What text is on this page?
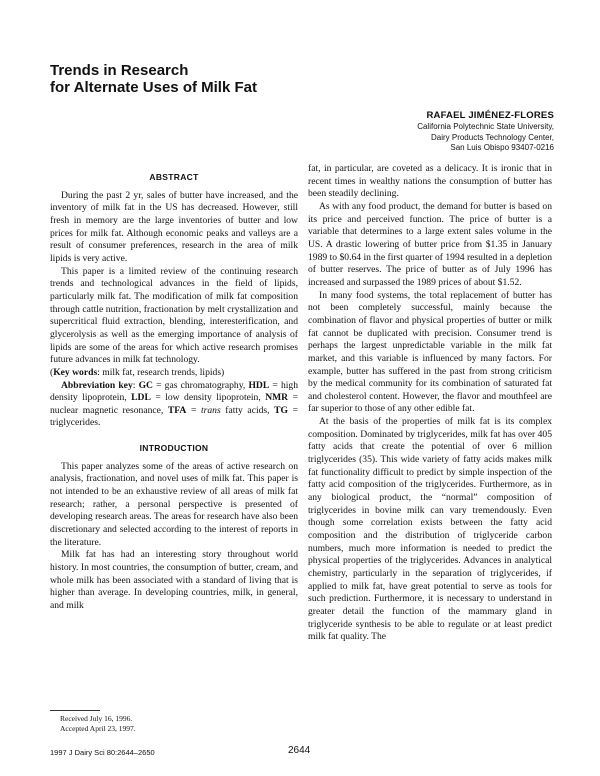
Trends in Research
for Alternate Uses of Milk Fat
RAFAEL JIMÉNEZ-FLORES
California Polytechnic State University,
Dairy Products Technology Center,
San Luis Obispo 93407-0216
ABSTRACT

During the past 2 yr, sales of butter have increased, and the inventory of milk fat in the US has decreased. However, still fresh in memory are the large inventories of butter and low prices for milk fat. Although economic peaks and valleys are a result of consumer preferences, research in the area of milk lipids is very active.

This paper is a limited review of the continuing research trends and technological advances in the field of lipids, particularly milk fat. The modification of milk fat composition through cattle nutrition, fractionation by melt crystallization and supercritical fluid extraction, blending, interesterification, and glycerolysis as well as the emerging importance of analysis of lipids are some of the areas for which active research promises future advances in milk fat technology.

(Key words: milk fat, research trends, lipids)

Abbreviation key: GC = gas chromatography, HDL = high density lipoprotein, LDL = low density lipoprotein, NMR = nuclear magnetic resonance, TFA = trans fatty acids, TG = triglycerides.

INTRODUCTION

This paper analyzes some of the areas of active research on analysis, fractionation, and novel uses of milk fat. This paper is not intended to be an exhaustive review of all areas of milk fat research; rather, a personal perspective is presented of developing research areas. The areas for research have also been discretionary and selected according to the interest of reports in the literature.

Milk fat has had an interesting story throughout world history. In most countries, the consumption of butter, cream, and whole milk has been associated with a standard of living that is higher than average. In developing countries, milk, in general, and milk

fat, in particular, are coveted as a delicacy. It is ironic that in recent times in wealthy nations the consumption of butter has been steadily declining.

As with any food product, the demand for butter is based on its price and perceived function. The price of butter is a variable that determines to a large extent sales volume in the US. A drastic lowering of butter price from $1.35 in January 1989 to $0.64 in the first quarter of 1994 resulted in a depletion of butter reserves. The price of butter as of July 1996 has increased and surpassed the 1989 prices of about $1.52.

In many food systems, the total replacement of butter has not been completely successful, mainly because the combination of flavor and physical properties of butter or milk fat cannot be duplicated with precision. Consumer trend is perhaps the largest unpredictable variable in the milk fat market, and this variable is influenced by many factors. For example, butter has suffered in the past from strong criticism by the medical community for its combination of saturated fat and cholesterol content. However, the flavor and mouthfeel are far superior to those of any other edible fat.

At the basis of the properties of milk fat is its complex composition. Dominated by triglycerides, milk fat has over 405 fatty acids that create the potential of over 6 million triglycerides (35). This wide variety of fatty acids makes milk fat functionality difficult to predict by simple inspection of the fatty acid composition of the triglycerides. Furthermore, as in any biological product, the “normal” composition of triglycerides in bovine milk can vary tremendously. Even though some correlation exists between the fatty acid composition and the distribution of triglyceride carbon numbers, much more information is needed to predict the physical properties of the triglycerides. Advances in analytical chemistry, particularly in the separation of triglycerides, if applied to milk fat, have great potential to serve as tools for such prediction. Furthermore, it is necessary to understand in greater detail the function of the mammary gland in triglyceride synthesis to be able to regulate or at least predict milk fat quality. The

Received July 16, 1996.
Accepted April 23, 1997.
1997 J Dairy Sci 80:2644–2650	2644
